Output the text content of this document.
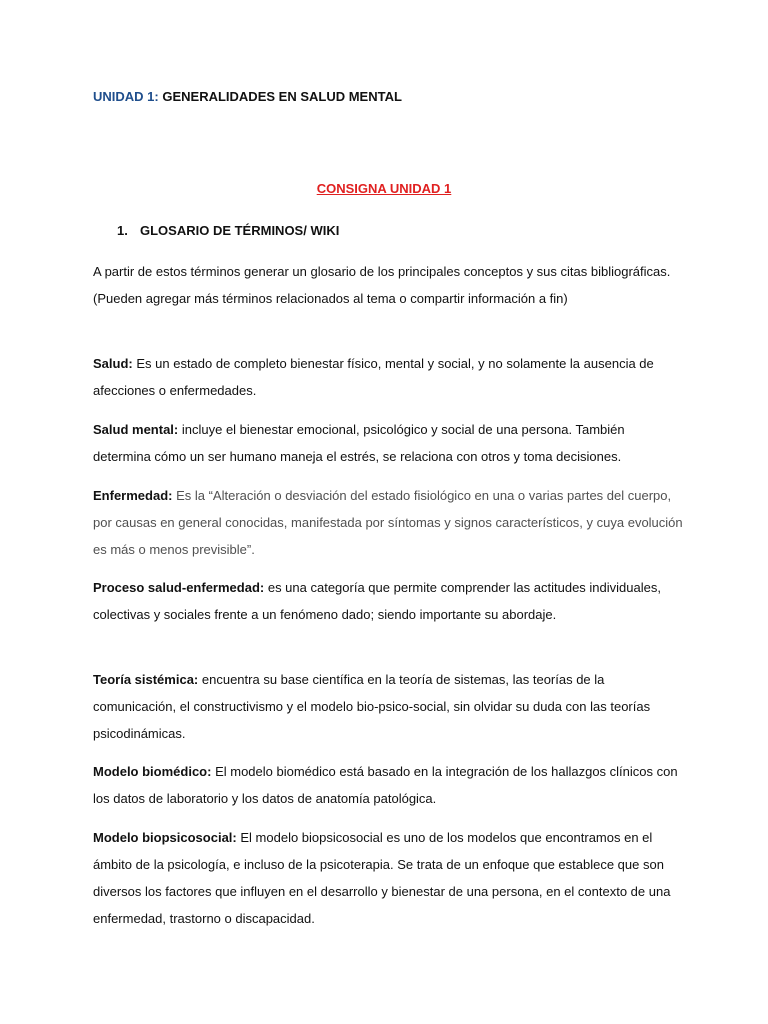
UNIDAD 1: GENERALIDADES EN SALUD MENTAL
CONSIGNA UNIDAD 1
1. GLOSARIO DE TÉRMINOS/ WIKI

A partir de estos términos generar un glosario de los principales conceptos y sus citas bibliográficas. (Pueden agregar más términos relacionados al tema o compartir información a fin)

Salud: Es un estado de completo bienestar físico, mental y social, y no solamente la ausencia de afecciones o enfermedades.

Salud mental: incluye el bienestar emocional, psicológico y social de una persona. También determina cómo un ser humano maneja el estrés, se relaciona con otros y toma decisiones.

Enfermedad: Es la “Alteración o desviación del estado fisiológico en una o varias partes del cuerpo, por causas en general conocidas, manifestada por síntomas y signos característicos, y cuya evolución es más o menos previsible”.

Proceso salud-enfermedad: es una categoría que permite comprender las actitudes individuales, colectivas y sociales frente a un fenómeno dado; siendo importante su abordaje.

Teoría sistémica: encuentra su base científica en la teoría de sistemas, las teorías de la comunicación, el constructivismo y el modelo bio-psico-social, sin olvidar su duda con las teorías psicodinámicas.

Modelo biomédico: El modelo biomédico está basado en la integración de los hallazgos clínicos con los datos de laboratorio y los datos de anatomía patológica.

Modelo biopsicosocial: El modelo biopsicosocial es uno de los modelos que encontramos en el ámbito de la psicología, e incluso de la psicoterapia. Se trata de un enfoque que establece que son diversos los factores que influyen en el desarrollo y bienestar de una persona, en el contexto de una enfermedad, trastorno o discapacidad.
